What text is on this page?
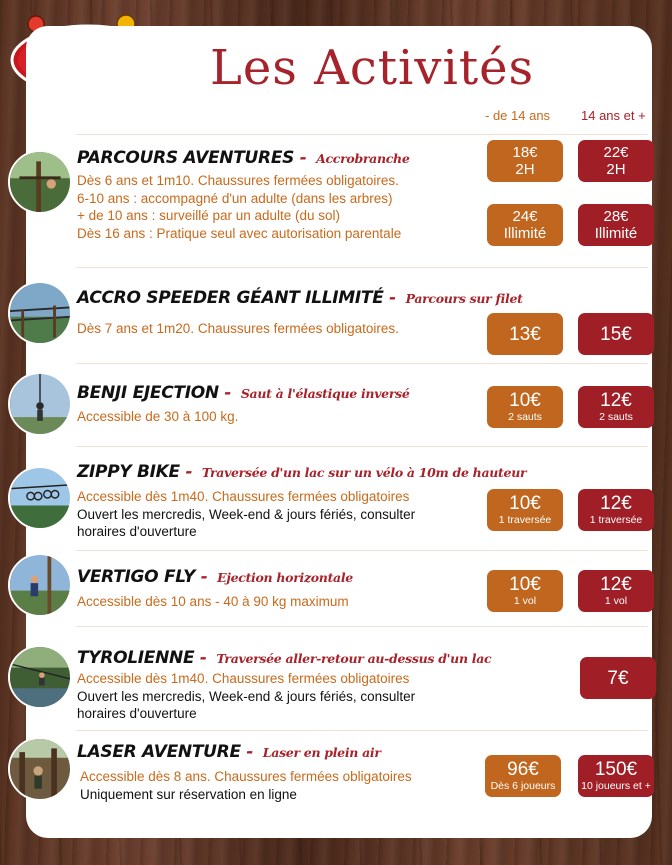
Les Activités
- de 14 ans 14 ans et +
PARCOURS AVENTURES - Accrobranche
Dès 6 ans et 1m10. Chaussures fermées obligatoires.
6-10 ans : accompagné d'un adulte (dans les arbres)
+ de 10 ans : surveillé par un adulte (du sol)
Dès 16 ans : Pratique seul avec autorisation parentale
18€
2H
22€
2H
24€
Illimité
28€
Illimité
ACCRO SPEEDER GÉANT ILLIMITÉ - Parcours sur filet
Dès 7 ans et 1m20. Chaussures fermées obligatoires.	13€	15€
BENJI EJECTION - Saut à l'élastique inversé
Accessible de 30 à 100 kg.
10€
2 sauts
12€
2 sauts
ZIPPY BIKE - Traversée d'un lac sur un vélo à 10m de hauteur
Accessible dès 1m40. Chaussures fermées obligatoires
Ouvert les mercredis, Week-end & jours fériés, consulter
horaires d'ouverture
10€
1 traversée
12€
1 traversée
VERTIGO FLY - Ejection horizontale
Accessible dès 10 ans - 40 à 90 kg maximum
10€
1 vol
12€
1 vol
TYROLIENNE - Traversée aller-retour au-dessus d'un lac
Accessible dès 1m40. Chaussures fermées obligatoires
Ouvert les mercredis, Week-end & jours fériés, consulter
horaires d'ouverture
7€
LASER AVENTURE - Laser en plein air
Accessible dès 8 ans. Chaussures fermées obligatoires
Uniquement sur réservation en ligne
96€
Dès 6 joueurs
150€
10 joueurs et +
